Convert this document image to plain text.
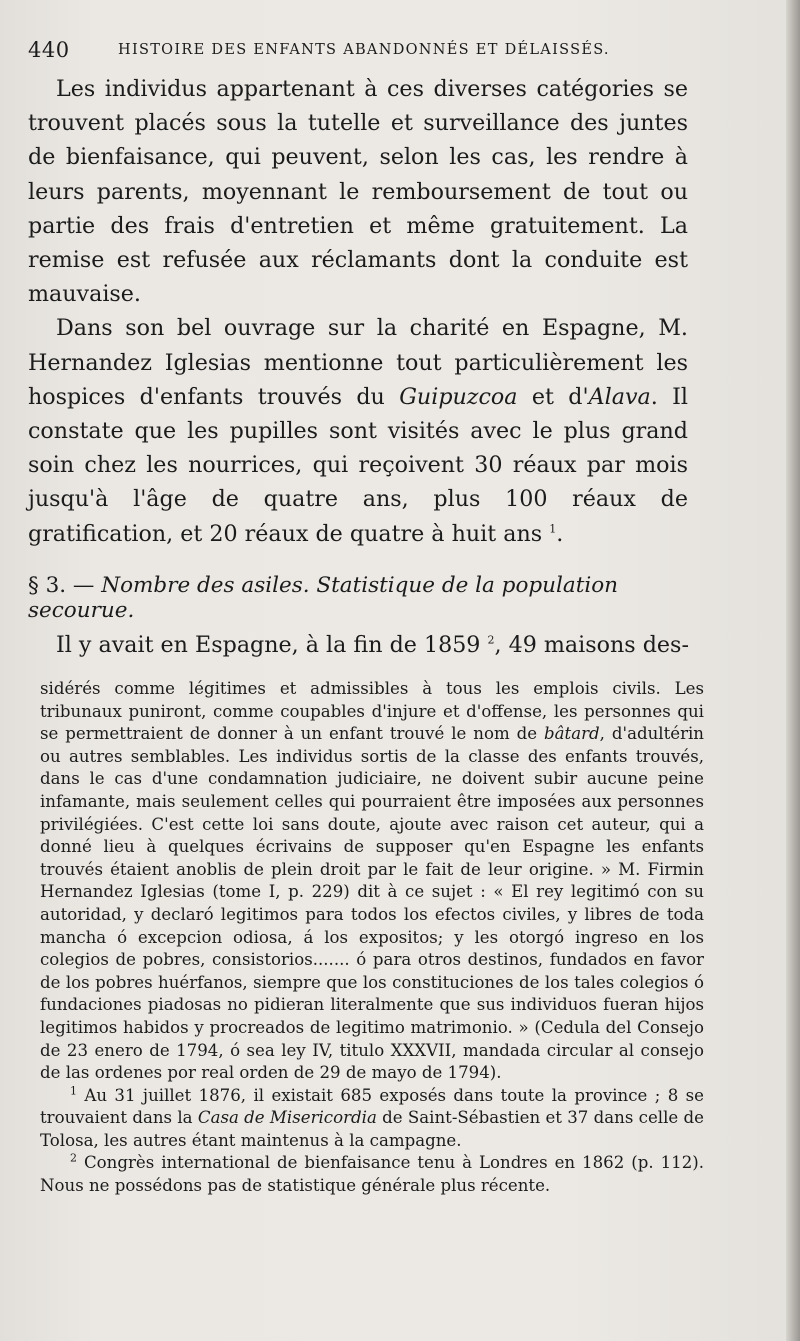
440	HISTOIRE DES ENFANTS ABANDONNÉS ET DÉLAISSÉS.

Les individus appartenant à ces diverses catégories se trouvent placés sous la tutelle et surveillance des juntes de bienfaisance, qui peuvent, selon les cas, les rendre à leurs parents, moyennant le remboursement de tout ou partie des frais d'entretien et même gratuitement. La remise est refusée aux réclamants dont la conduite est mauvaise.

Dans son bel ouvrage sur la charité en Espagne, M. Hernandez Iglesias mentionne tout particulièrement les hospices d'enfants trouvés du Guipuzcoa et d'Alava. Il constate que les pupilles sont visités avec le plus grand soin chez les nourrices, qui reçoivent 30 réaux par mois jusqu'à l'âge de quatre ans, plus 100 réaux de gratification, et 20 réaux de quatre à huit ans $^1$.

§ 3. — Nombre des asiles. Statistique de la population secourue.
Il y avait en Espagne, à la fin de 1859 $^2$, 49 maisons des-

sidérés comme légitimes et admissibles à tous les emplois civils. Les tribunaux puniront, comme coupables d'injure et d'offense, les personnes qui se permettraient de donner à un enfant trouvé le nom de bâtard, d'adultérin ou autres semblables. Les individus sortis de la classe des enfants trouvés, dans le cas d'une condamnation judiciaire, ne doivent subir aucune peine infamante, mais seulement celles qui pourraient être imposées aux personnes privilégiées. C'est cette loi sans doute, ajoute avec raison cet auteur, qui a donné lieu à quelques écrivains de supposer qu'en Espagne les enfants trouvés étaient anoblis de plein droit par le fait de leur origine. » M. Firmin Hernandez Iglesias (tome I, p. 229) dit à ce sujet : « El rey legitimó con su autoridad, y declaró legitimos para todos los efectos civiles, y libres de toda mancha ó excepcion odiosa, á los expositos; y les otorgó ingreso en los colegios de pobres, consistorios....... ó para otros destinos, fundados en favor de los pobres huérfanos, siempre que los constituciones de los tales colegios ó fundaciones piadosas no pidieran literalmente que sus individuos fueran hijos legitimos habidos y procreados de legitimo matrimonio. » (Cedula del Consejo de 23 enero de 1794, ó sea ley IV, titulo XXXVII, mandada circular al consejo de las ordenes por real orden de 29 de mayo de 1794).

$^1$ Au 31 juillet 1876, il existait 685 exposés dans toute la province ; 8 se trouvaient dans la Casa de Misericordia de Saint-Sébastien et 37 dans celle de Tolosa, les autres étant maintenus à la campagne.

$^2$ Congrès international de bienfaisance tenu à Londres en 1862 (p. 112). Nous ne possédons pas de statistique générale plus récente.
